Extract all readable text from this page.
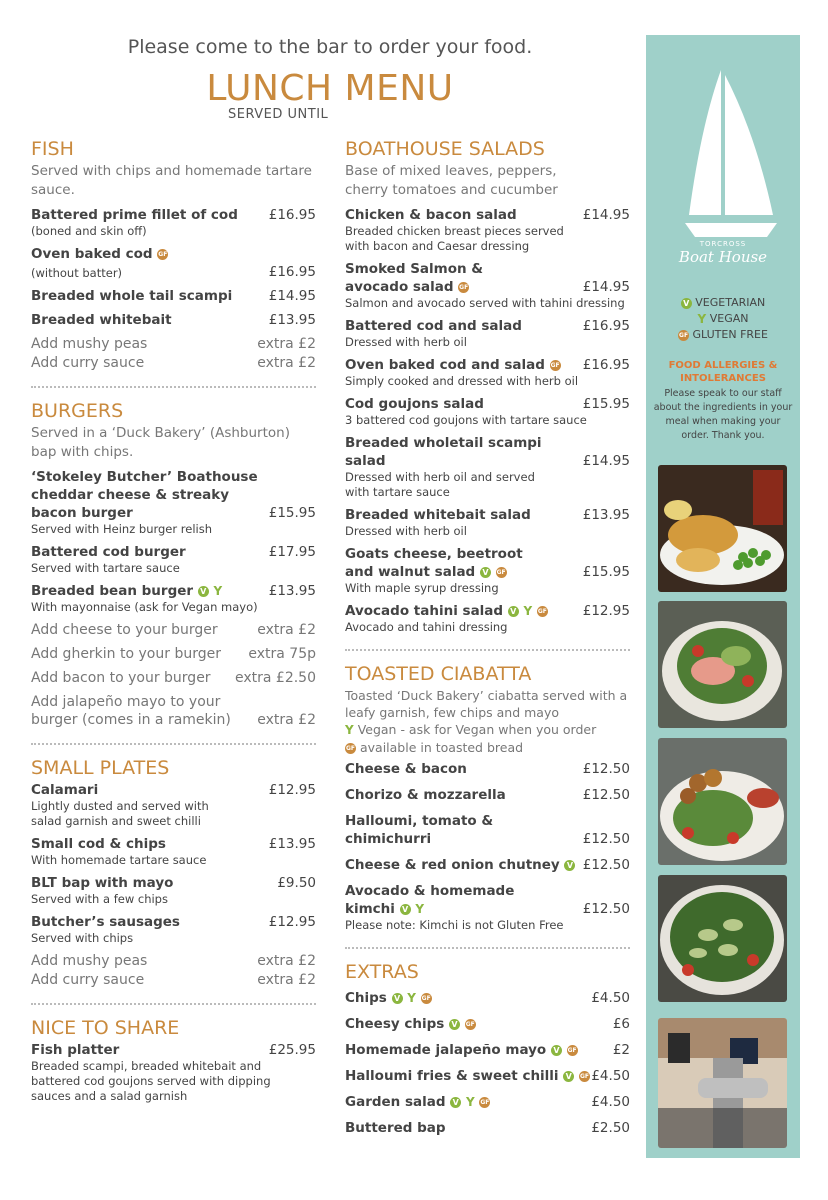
Please come to the bar to order your food.
LUNCH MENU
SERVED UNTIL
FISH
Served with chips and homemade tartare sauce.
Battered prime fillet of cod £16.95
(boned and skin off)
Oven baked cod GF
(without batter)	£16.95
Breaded whole tail scampi	£14.95
Breaded whitebait	£13.95
Add mushy peas	extra £2
Add curry sauce	extra £2
BURGERS
Served in a ‘Duck Bakery’ (Ashburton) bap with chips.
‘Stokeley Butcher’ Boathouse cheddar cheese & streaky bacon burger	£15.95
Served with Heinz burger relish
Battered cod burger	£17.95
Served with tartare sauce
Breaded bean burger V Y	£13.95
With mayonnaise (ask for Vegan mayo)
Add cheese to your burger	extra £2
Add gherkin to your burger extra 75p
Add bacon to your burger extra £2.50
Add jalapeño mayo to your burger (comes in a ramekin)	extra £2
SMALL PLATES
Calamari	£12.95
Lightly dusted and served with salad garnish and sweet chilli
Small cod & chips	£13.95
With homemade tartare sauce
BLT bap with mayo	£9.50
Served with a few chips
Butcher’s sausages	£12.95
Served with chips
Add mushy peas	extra £2
Add curry sauce	extra £2
NICE TO SHARE
Fish platter	£25.95
Breaded scampi, breaded whitebait and battered cod goujons served with dipping sauces and a salad garnish
BOATHOUSE SALADS
Base of mixed leaves, peppers, cherry tomatoes and cucumber
Chicken & bacon salad	£14.95
Breaded chicken breast pieces served with bacon and Caesar dressing
Smoked Salmon & avocado salad GF	£14.95
Salmon and avocado served with tahini dressing
Battered cod and salad	£16.95
Dressed with herb oil
Oven baked cod and salad GF £16.95
Simply cooked and dressed with herb oil
Cod goujons salad	£15.95
3 battered cod goujons with tartare sauce
Breaded wholetail scampi salad	£14.95
Dressed with herb oil and served with tartare sauce
Breaded whitebait salad	£13.95
Dressed with herb oil
Goats cheese, beetroot and walnut salad V GF	£15.95
With maple syrup dressing
Avocado tahini salad V Y GF	£12.95
Avocado and tahini dressing
TOASTED CIABATTA
Toasted ‘Duck Bakery’ ciabatta served with a leafy garnish, few chips and mayo
Y Vegan - ask for Vegan when you order
GF available in toasted bread
Cheese & bacon	£12.50
Chorizo & mozzarella	£12.50
Halloumi, tomato & chimichurri	£12.50
Cheese & red onion chutney V £12.50
Avocado & homemade kimchi V Y	£12.50
Please note: Kimchi is not Gluten Free
EXTRAS
Chips V Y GF	£4.50
Cheesy chips V GF	£6
Homemade jalapeño mayo V GF	£2
Halloumi fries & sweet chilli V GF £4.50
Garden salad V Y GF	£4.50
Buttered bap	£2.50
TORCROSS
Boat House
V VEGETARIAN
Y VEGAN
GF GLUTEN FREE
FOOD ALLERGIES & INTOLERANCES
Please speak to our staff about the ingredients in your meal when making your order. Thank you.
